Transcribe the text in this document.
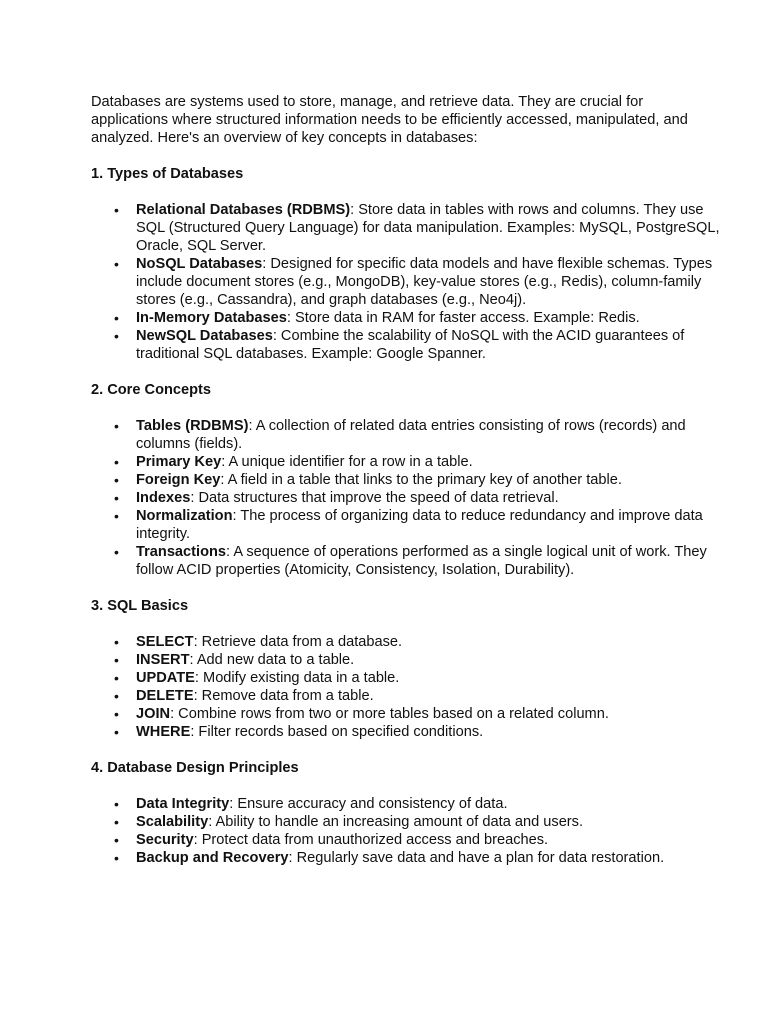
Databases are systems used to store, manage, and retrieve data. They are crucial for applications where structured information needs to be efficiently accessed, manipulated, and analyzed. Here's an overview of key concepts in databases:

1. Types of Databases
• Relational Databases (RDBMS): Store data in tables with rows and columns. They use SQL (Structured Query Language) for data manipulation. Examples: MySQL, PostgreSQL, Oracle, SQL Server.
• NoSQL Databases: Designed for specific data models and have flexible schemas. Types include document stores (e.g., MongoDB), key-value stores (e.g., Redis), column-family stores (e.g., Cassandra), and graph databases (e.g., Neo4j).
• In-Memory Databases: Store data in RAM for faster access. Example: Redis.
• NewSQL Databases: Combine the scalability of NoSQL with the ACID guarantees of traditional SQL databases. Example: Google Spanner.
2. Core Concepts
• Tables (RDBMS): A collection of related data entries consisting of rows (records) and columns (fields).
• Primary Key: A unique identifier for a row in a table.
• Foreign Key: A field in a table that links to the primary key of another table.
• Indexes: Data structures that improve the speed of data retrieval.
• Normalization: The process of organizing data to reduce redundancy and improve data integrity.
• Transactions: A sequence of operations performed as a single logical unit of work. They follow ACID properties (Atomicity, Consistency, Isolation, Durability).
3. SQL Basics
• SELECT: Retrieve data from a database.
• INSERT: Add new data to a table.
• UPDATE: Modify existing data in a table.
• DELETE: Remove data from a table.
• JOIN: Combine rows from two or more tables based on a related column.
• WHERE: Filter records based on specified conditions.
4. Database Design Principles
• Data Integrity: Ensure accuracy and consistency of data.
• Scalability: Ability to handle an increasing amount of data and users.
• Security: Protect data from unauthorized access and breaches.
• Backup and Recovery: Regularly save data and have a plan for data restoration.
